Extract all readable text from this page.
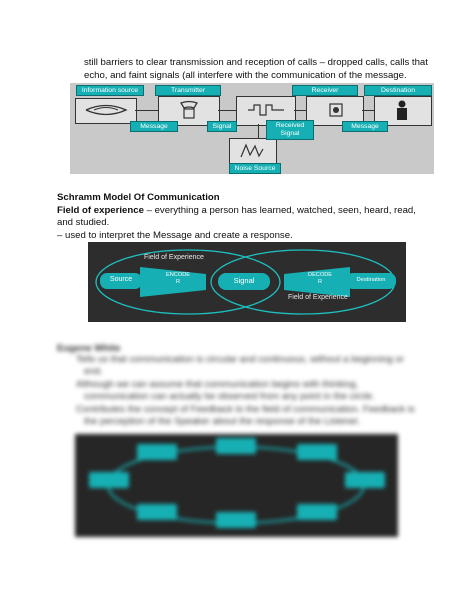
still barriers to clear transmission and reception of calls – dropped calls, calls that
echo, and faint signals (all interfere with the communication of the message.
Information source	Transmitter	Receiver	Destination
Message	Signal	Received
Signal
Message
Noise Source
Schramm Model Of Communication
Field of experience – everything a person has learned, watched, seen, heard, read,
and studied.
– used to interpret the Message and create a response.
Field of Experience
Field of Experience
Source
ENCODE
R	Signal
DECODE
R	Destination
Eugene White
Tells us that communication is circular and continuous, without a beginning or
end.
Although we can assume that communication begins with thinking,
communication can actually be observed from any point in the circle.
Contributes the concept of Feedback to the field of communication. Feedback is
the perception of the Speaker about the response of the Listener.
